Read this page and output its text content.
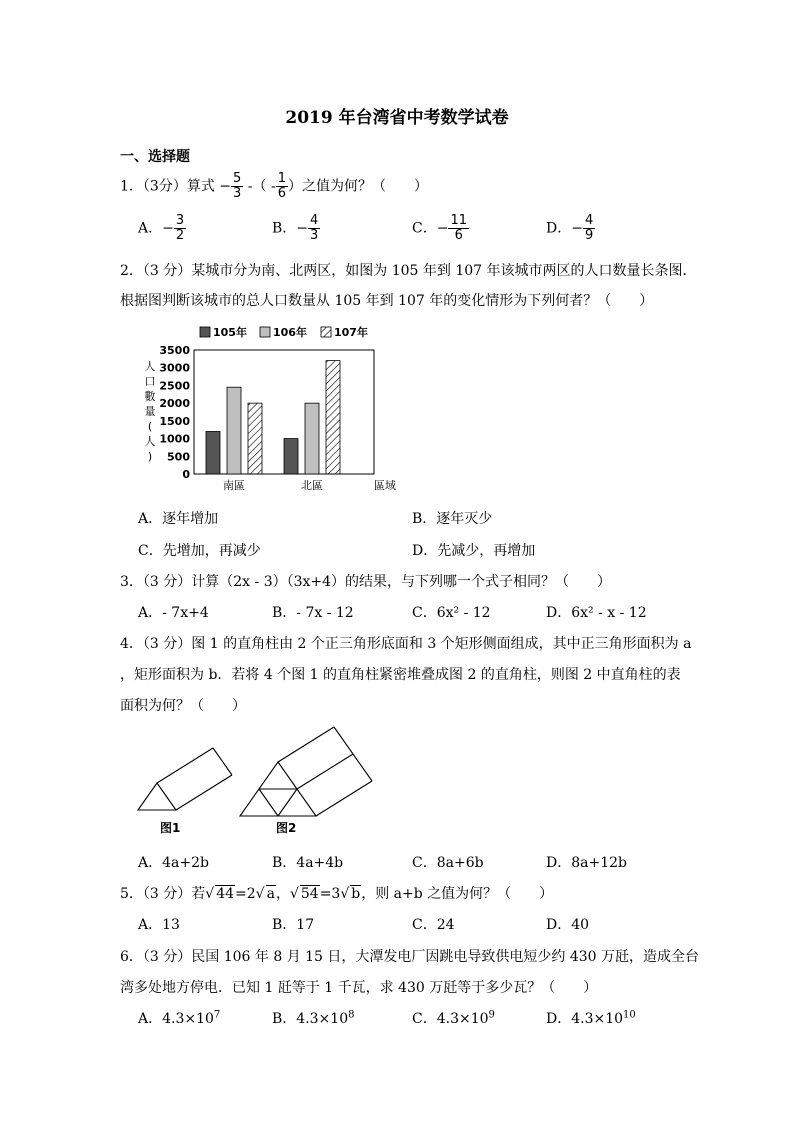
2019 年台湾省中考数学试卷
一、选择题
1．（3分）算式 − $\frac{5}{3}$ -（ - $\frac{1}{6}$ ）之值为何？（　　）
A．− $\frac{3}{2}$	B．− $\frac{4}{3}$	C．− $\frac{11}{6}$	D．− $\frac{4}{9}$
2．（3 分）某城市分为南、北两区，如图为 105 年到 107 年该城市两区的人口数量长条图．
根据图判断该城市的总人口数量从 105 年到 107 年的变化情形为下列何者？（　　）
105年 106年 107年
人
口
數
量
(
人
)
3500
3000
2500
2000
1500
1000
500
0
南區	北區	區域
A．逐年增加	B．逐年灭少
C．先增加，再减少	D．先减少，再增加
3．（3 分）计算（2x - 3）（3x+4）的结果，与下列哪一个式子相同？（　　）
A．- 7x+4	B．- 7x - 12	C．6x² - 12	D．6x² - x - 12
4．（3 分）图 1 的直角柱由 2 个正三角形底面和 3 个矩形侧面组成，其中正三角形面积为 a
，矩形面积为 b．若将 4 个图 1 的直角柱紧密堆叠成图 2 的直角柱，则图 2 中直角柱的表
面积为何？（　　）
图1	图2
A．4a+2b	B．4a+4b	C．8a+6b	D．8a+12b
5．（3 分）若√ 44=2√ a，√ 54=3√ b，则 a+b 之值为何？（　　）
A．13	B．17	C．24	D．40
6．（3 分）民国 106 年 8 月 15 日，大潭发电厂因跳电导致供电短少约 430 万瓩，造成全台
湾多处地方停电．已知 1 瓩等于 1 千瓦，求 430 万瓩等于多少瓦？（　　）
A．$4.3\times 10^7$	B．$4.3\times 10^8$	C．$4.3\times 10^9$	D．$4.3\times 10^{10}$
